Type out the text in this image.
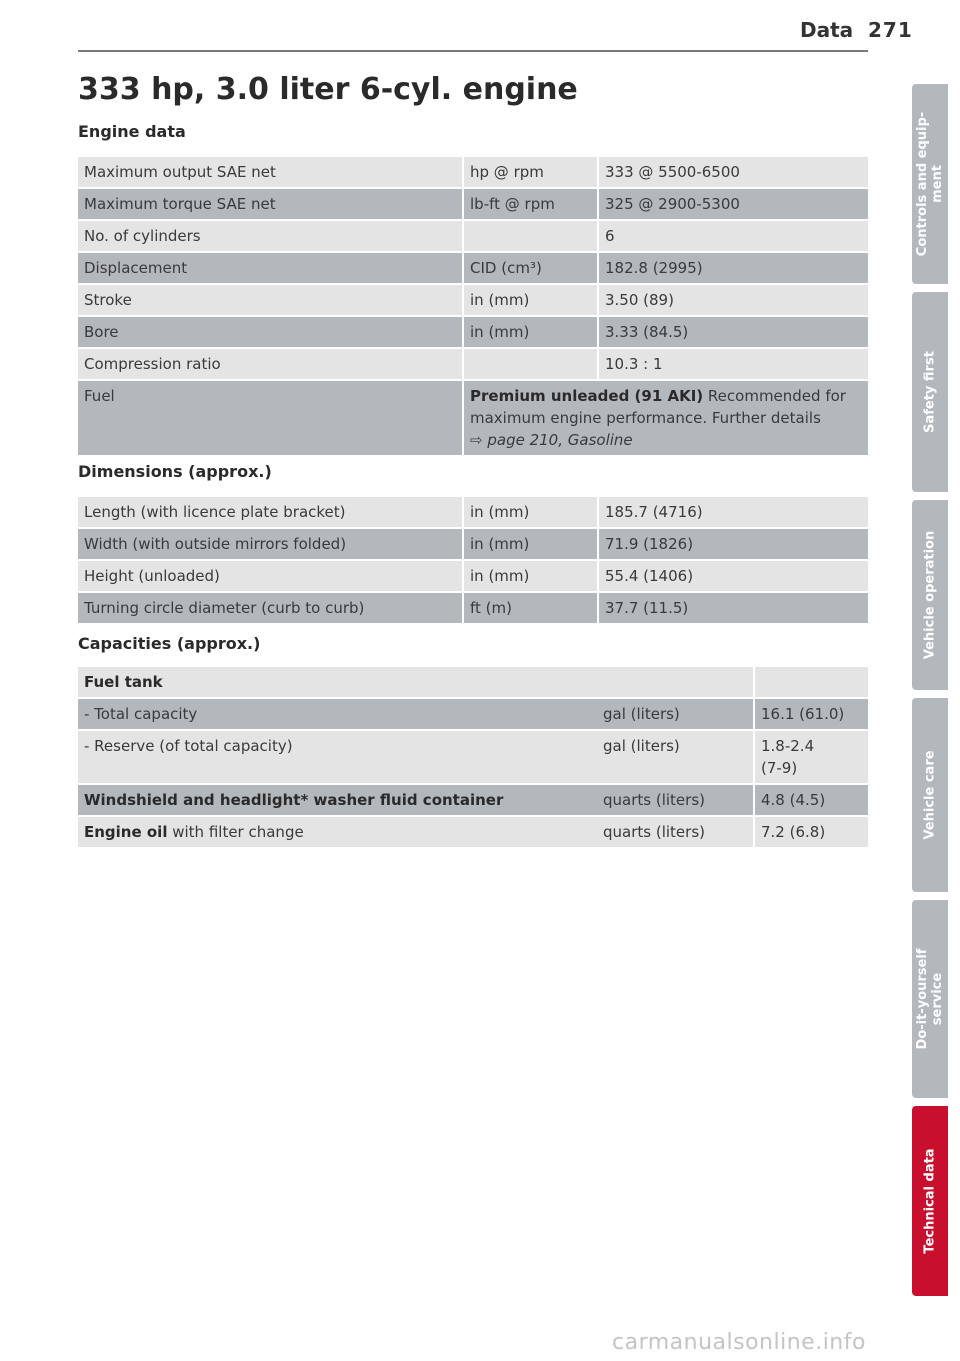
Data 271
333 hp, 3.0 liter 6-cyl. engine
Engine data
Maximum output SAE net	hp @ rpm	333 @ 5500-6500
Maximum torque SAE net	lb-ft @ rpm	325 @ 2900-5300
No. of cylinders		6
Displacement	CID (cm³)	182.8 (2995)
Stroke	in (mm)	3.50 (89)
Bore	in (mm)	3.33 (84.5)
Compression ratio		10.3 : 1
Fuel	Premium unleaded (91 AKI) Recommended for maximum engine performance. Further details
⇨ page 210, Gasoline	
Dimensions (approx.)
Length (with licence plate bracket)	in (mm)	185.7 (4716)
Width (with outside mirrors folded)	in (mm)	71.9 (1826)
Height (unloaded)	in (mm)	55.4 (1406)
Turning circle diameter (curb to curb)	ft (m)	37.7 (11.5)
Capacities (approx.)
Fuel tank		
- Total capacity	gal (liters)	16.1 (61.0)
- Reserve (of total capacity)	gal (liters)	1.8-2.4
(7-9)
Windshield and headlight* washer fluid container	quarts (liters)	4.8 (4.5)
Engine oil with filter change	quarts (liters)	7.2 (6.8)
Controls and equip-
ment
Safety first
Vehicle operation
Vehicle care
Do-it-yourself
service
Technical data
carmanualsonline.info
